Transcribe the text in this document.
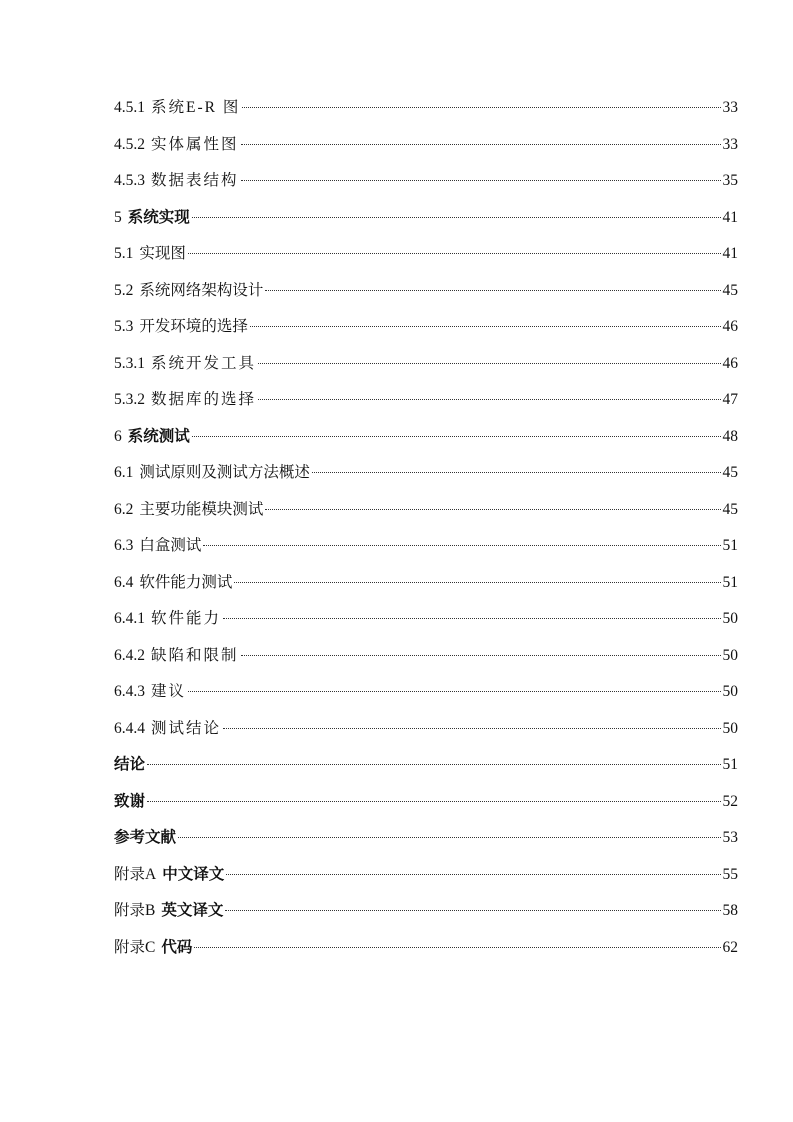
4.5.1 系统E-R 图	33
4.5.2 实体属性图	33
4.5.3 数据表结构	35
5 系统实现	41
5.1 实现图	41
5.2 系统网络架构设计	45
5.3 开发环境的选择	46
5.3.1 系统开发工具	46
5.3.2 数据库的选择	47
6 系统测试	48
6.1 测试原则及测试方法概述	45
6.2 主要功能模块测试	45
6.3 白盒测试	51
6.4 软件能力测试	51
6.4.1 软件能力	50
6.4.2 缺陷和限制	50
6.4.3 建议	50
6.4.4 测试结论	50
结论	51
致谢	52
参考文献	53
附录A 中文译文	55
附录B 英文译文	58
附录C 代码	62
